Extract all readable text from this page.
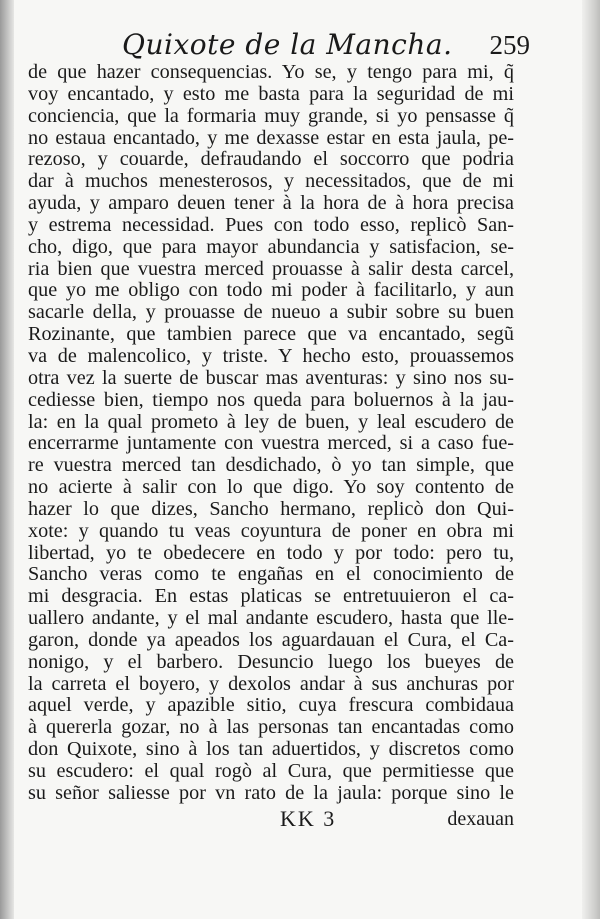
Quixote de la Mancha. 259
de que hazer consequencias. Yo se, y tengo para mi, q̃
voy encantado, y esto me basta para la seguridad de mi
conciencia, que la formaria muy grande, si yo pensasse q̃
no estaua encantado, y me dexasse estar en esta jaula, pe-
rezoso, y couarde, defraudando el soccorro que podria
dar à muchos menesterosos, y necessitados, que de mi
ayuda, y amparo deuen tener à la hora de à hora precisa
y estrema necessidad. Pues con todo esso, replicò San-
cho, digo, que para mayor abundancia y satisfacion, se-
ria bien que vuestra merced prouasse à salir desta carcel,
que yo me obligo con todo mi poder à facilitarlo, y aun
sacarle della, y prouasse de nueuo a subir sobre su buen
Rozinante, que tambien parece que va encantado, segũ
va de malencolico, y triste. Y hecho esto, prouassemos
otra vez la suerte de buscar mas aventuras: y sino nos su-
cediesse bien, tiempo nos queda para boluernos à la jau-
la: en la qual prometo à ley de buen, y leal escudero de
encerrarme juntamente con vuestra merced, si a caso fue-
re vuestra merced tan desdichado, ò yo tan simple, que
no acierte à salir con lo que digo. Yo soy contento de
hazer lo que dizes, Sancho hermano, replicò don Qui-
xote: y quando tu veas coyuntura de poner en obra mi
libertad, yo te obedecere en todo y por todo: pero tu,
Sancho veras como te engañas en el conocimiento de
mi desgracia. En estas platicas se entretuuieron el ca-
uallero andante, y el mal andante escudero, hasta que lle-
garon, donde ya apeados los aguardauan el Cura, el Ca-
nonigo, y el barbero. Desuncio luego los bueyes de
la carreta el boyero, y dexolos andar à sus anchuras por
aquel verde, y apazible sitio, cuya frescura combidaua
à quererla gozar, no à las personas tan encantadas como
don Quixote, sino à los tan aduertidos, y discretos como
su escudero: el qual rogò al Cura, que permitiesse que
su señor saliesse por vn rato de la jaula: porque sino le
KK 3	dexauan
